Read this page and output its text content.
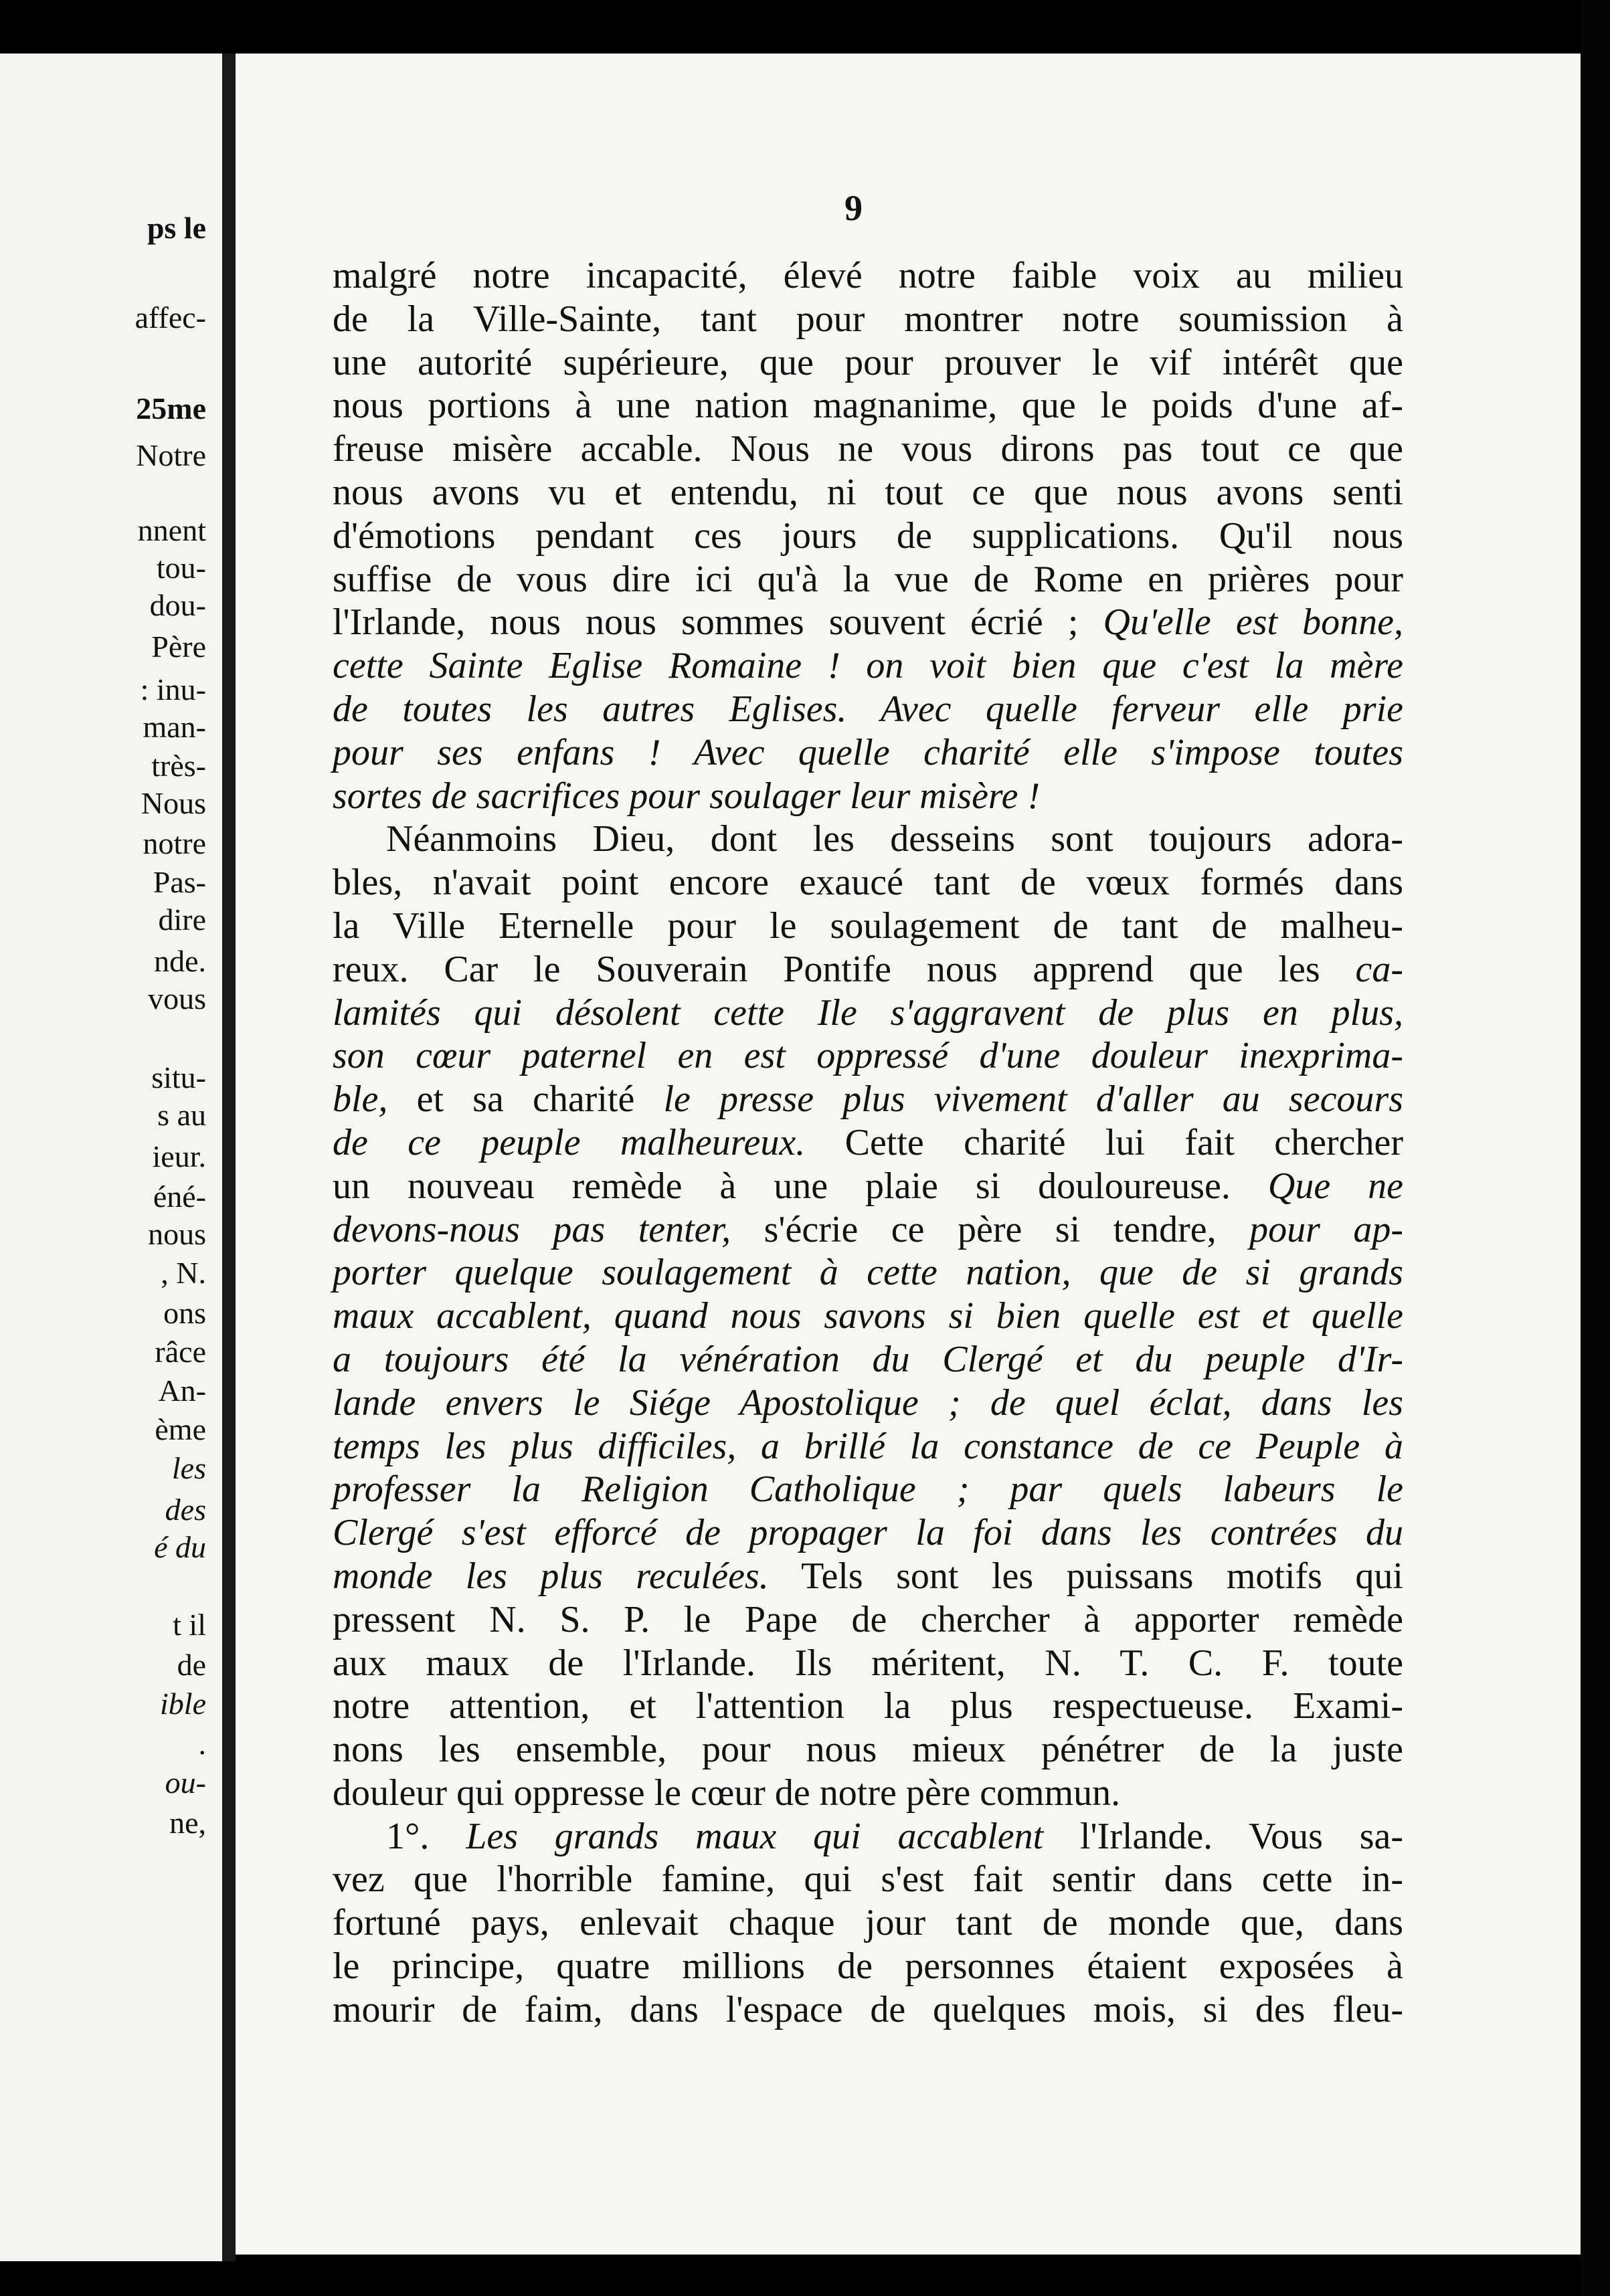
ps le
affec-
25me
Notre
nnent
tou-
dou-
Père
: inu-
man-
très-
Nous
notre
Pas-
dire
nde.
vous
situ-
s au
ieur.
éné-
nous
, N.
ons
râce
An-
ème
les
des
é du
t il
de
ible
.
ou-
ne,
9
malgré notre incapacité, élevé notre faible voix au milieu
de la Ville-Sainte, tant pour montrer notre soumission à
une autorité supérieure, que pour prouver le vif intérêt que
nous portions à une nation magnanime, que le poids d'une af-
freuse misère accable. Nous ne vous dirons pas tout ce que
nous avons vu et entendu, ni tout ce que nous avons senti
d'émotions pendant ces jours de supplications. Qu'il nous
suffise de vous dire ici qu'à la vue de Rome en prières pour
l'Irlande, nous nous sommes souvent écrié ; Qu'elle est bonne,
cette Sainte Eglise Romaine ! on voit bien que c'est la mère
de toutes les autres Eglises. Avec quelle ferveur elle prie
pour ses enfans ! Avec quelle charité elle s'impose toutes
sortes de sacrifices pour soulager leur misère !
Néanmoins Dieu, dont les desseins sont toujours adora-
bles, n'avait point encore exaucé tant de vœux formés dans
la Ville Eternelle pour le soulagement de tant de malheu-
reux. Car le Souverain Pontife nous apprend que les ca-
lamités qui désolent cette Ile s'aggravent de plus en plus,
son cœur paternel en est oppressé d'une douleur inexprima-
ble, et sa charité le presse plus vivement d'aller au secours
de ce peuple malheureux. Cette charité lui fait chercher
un nouveau remède à une plaie si douloureuse. Que ne
devons-nous pas tenter, s'écrie ce père si tendre, pour ap-
porter quelque soulagement à cette nation, que de si grands
maux accablent, quand nous savons si bien quelle est et quelle
a toujours été la vénération du Clergé et du peuple d'Ir-
lande envers le Siége Apostolique ; de quel éclat, dans les
temps les plus difficiles, a brillé la constance de ce Peuple à
professer la Religion Catholique ; par quels labeurs le
Clergé s'est efforcé de propager la foi dans les contrées du
monde les plus reculées. Tels sont les puissans motifs qui
pressent N. S. P. le Pape de chercher à apporter remède
aux maux de l'Irlande. Ils méritent, N. T. C. F. toute
notre attention, et l'attention la plus respectueuse. Exami-
nons les ensemble, pour nous mieux pénétrer de la juste
douleur qui oppresse le cœur de notre père commun.
1°. Les grands maux qui accablent l'Irlande. Vous sa-
vez que l'horrible famine, qui s'est fait sentir dans cette in-
fortuné pays, enlevait chaque jour tant de monde que, dans
le principe, quatre millions de personnes étaient exposées à
mourir de faim, dans l'espace de quelques mois, si des fleu-
